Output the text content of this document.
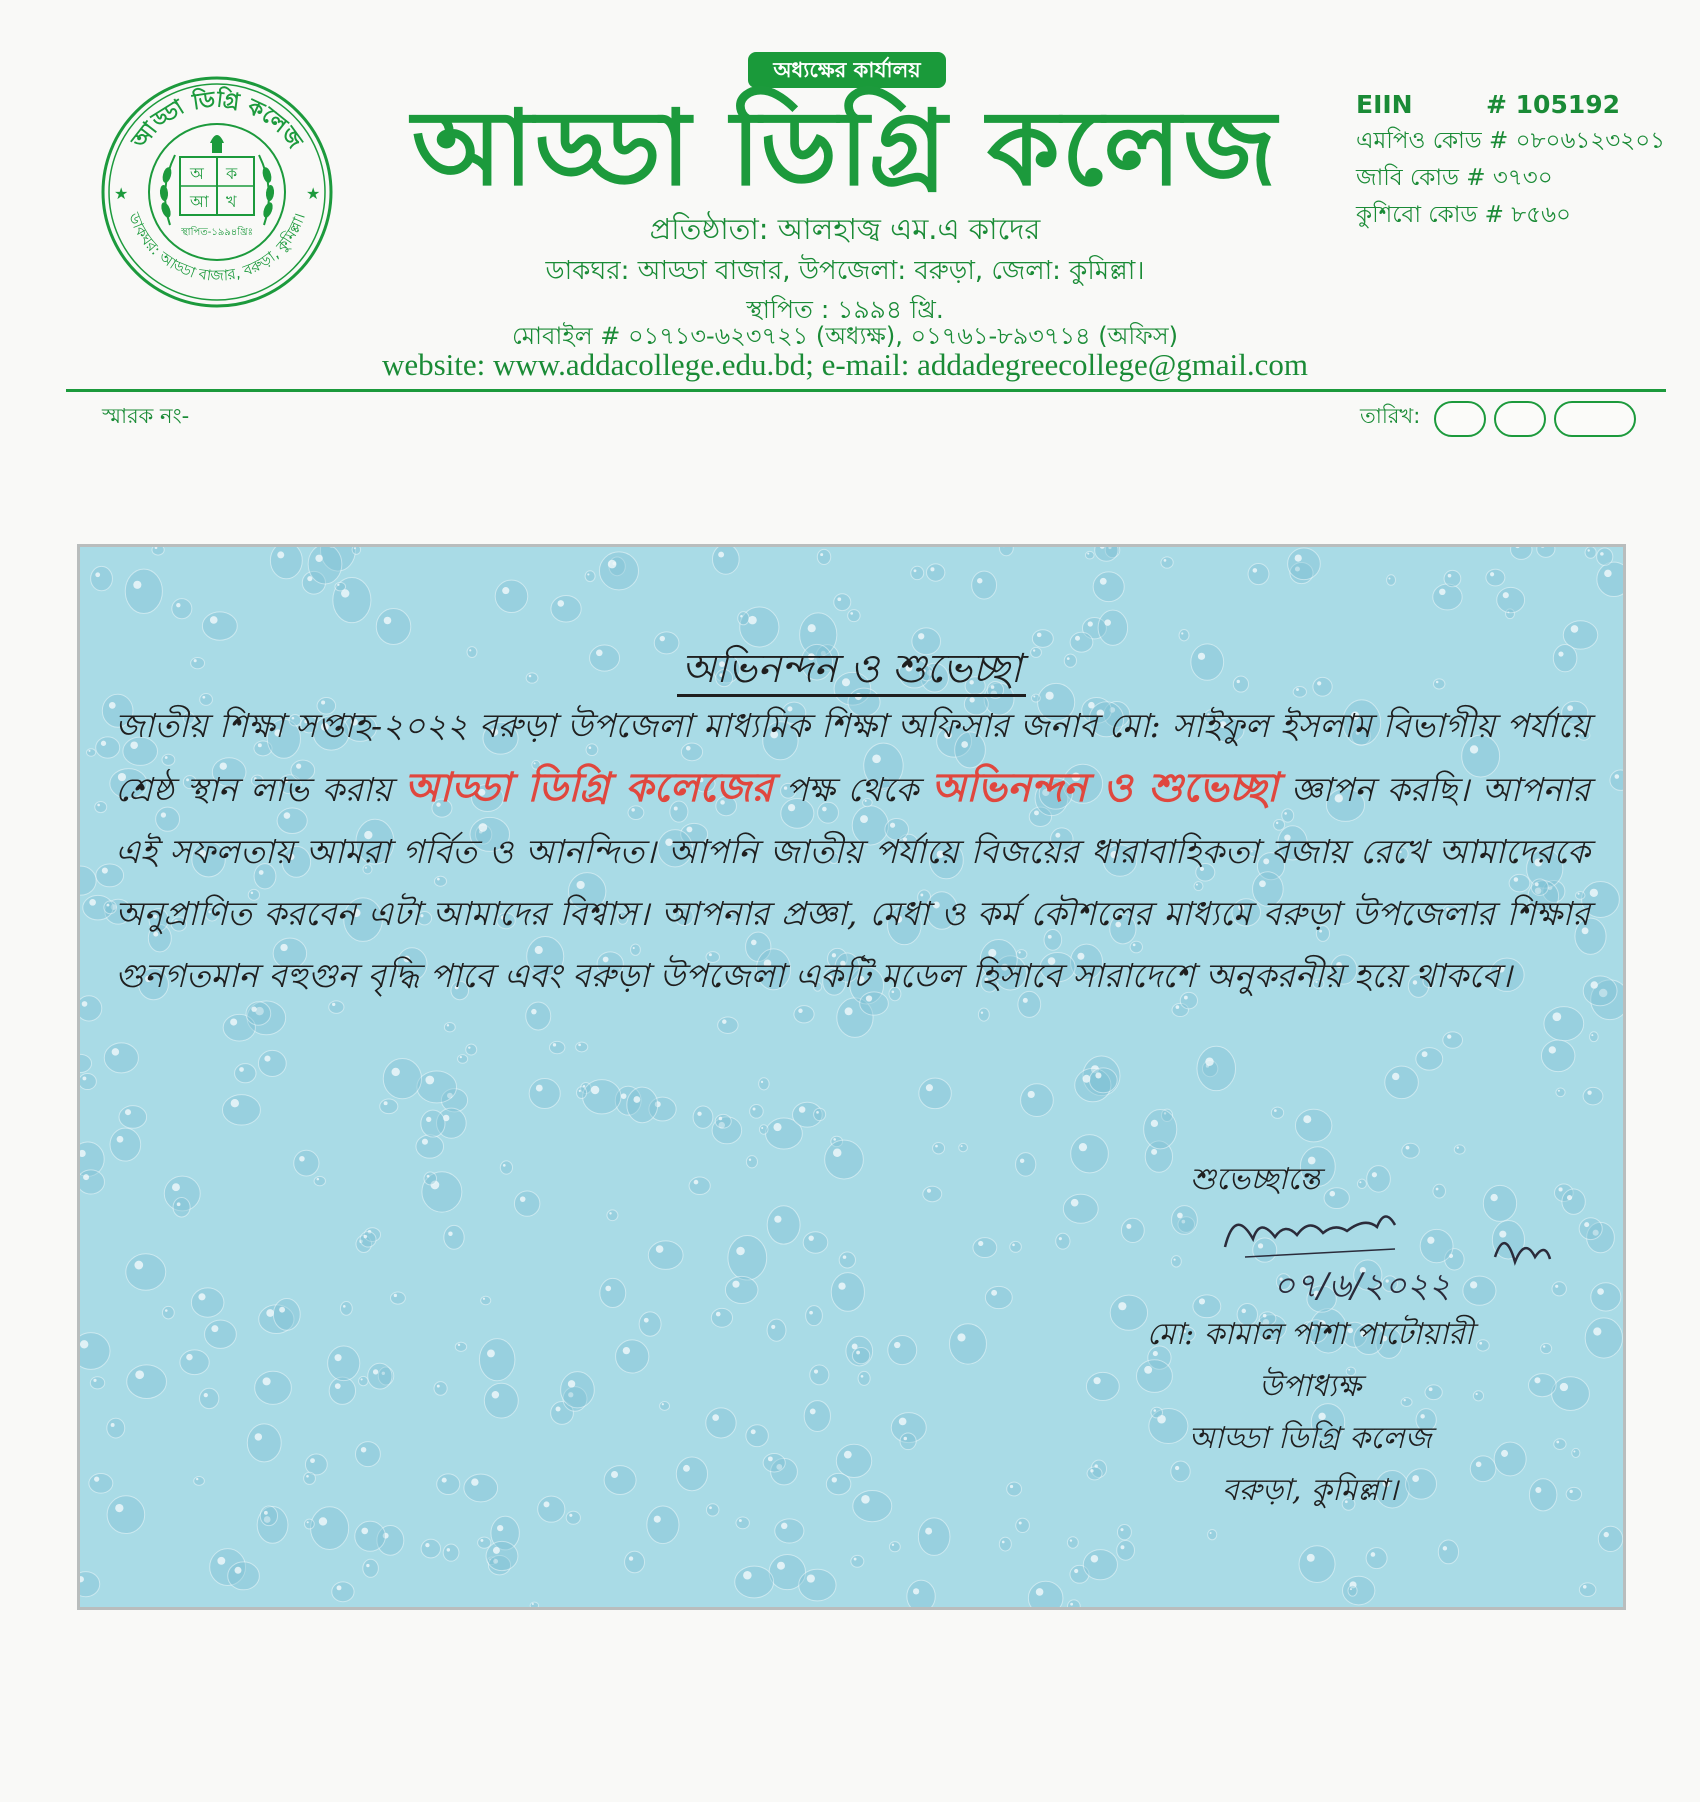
আড্ডা ডিগ্রি কলেজ
ডাকঘর: আড্ডা বাজার, বরুড়া, কুমিল্লা।
★	★
অ ক
আ খ
স্থাপিত-১৯৯৪খ্রিঃ
অধ্যক্ষের কার্যালয়
আড্ডা ডিগ্রি কলেজ
প্রতিষ্ঠাতা: আলহাজ্ব এম.এ কাদের
ডাকঘর: আড্ডা বাজার, উপজেলা: বরুড়া, জেলা: কুমিল্লা।
স্থাপিত : ১৯৯৪ খ্রি.
মোবাইল # ০১৭১৩-৬২৩৭২১ (অধ্যক্ষ), ০১৭৬১-৮৯৩৭১৪ (অফিস)
website: www.addacollege.edu.bd; e-mail: addadegreecollege@gmail.com
EIIN	# 105192
এমপিও কোড # ০৮০৬১২৩২০১
জাবি কোড # ৩৭৩০
কুশিবো কোড # ৮৫৬০
স্মারক নং-	তারিখ:
অভিনন্দন ও শুভেচ্ছা
জাতীয় শিক্ষা সপ্তাহ-২০২২ বরুড়া উপজেলা মাধ্যমিক শিক্ষা অফিসার জনাব মো: সাইফুল ইসলাম বিভাগীয় পর্যায়ে শ্রেষ্ঠ স্থান লাভ করায় আড্ডা ডিগ্রি কলেজের পক্ষ থেকে অভিনন্দন ও শুভেচ্ছা জ্ঞাপন করছি। আপনার এই সফলতায় আমরা গর্বিত ও আনন্দিত। আপনি জাতীয় পর্যায়ে বিজয়ের ধারাবাহিকতা বজায় রেখে আমাদেরকে অনুপ্রাণিত করবেন এটা আমাদের বিশ্বাস। আপনার প্রজ্ঞা, মেধা ও কর্ম কৌশলের মাধ্যমে বরুড়া উপজেলার শিক্ষার গুনগতমান বহুগুন বৃদ্ধি পাবে এবং বরুড়া উপজেলা একটি মডেল হিসাবে সারাদেশে অনুকরনীয় হয়ে থাকবে।
শুভেচ্ছান্তে
০৭/৬/২০২২
মো: কামাল পাশা পাটোয়ারী
উপাধ্যক্ষ
আড্ডা ডিগ্রি কলেজ
বরুড়া, কুমিল্লা।
